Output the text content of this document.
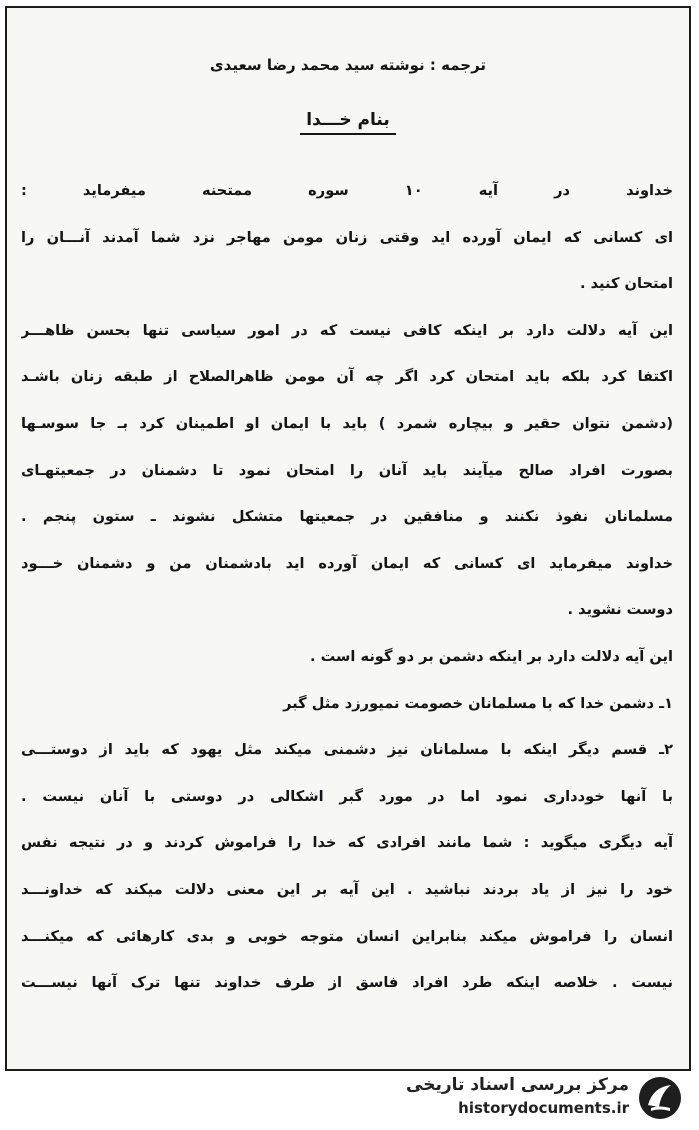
ترجمه : نوشته سید محمد رضا سعیدی
بنام خـــدا
خداوند در آیه ۱۰ سوره ممتحنه میفرماید :
ای کسانی که ایمان آورده اید وقتی زنان مومن مهاجر نزد شما آمدند آنـــان را
امتحان کنید .
این آیه دلالت دارد بر اینکه کافی نیست که در امور سیاسی تنها بحسن ظاهـــر
اکتفا کرد بلکه باید امتحان کرد اگر چه آن مومن ظاهرالصلاح از طبقه زنان باشـد
(دشمن نتوان حقیر و بیچاره شمرد ) باید با ایمان او اطمینان کرد بـ جا سوسـها
بصورت افراد صالح میآیند باید آنان را امتحان نمود تا دشمنان در جمعیتهـای
مسلمانان نفوذ نکنند و منافقین در جمعیتها متشکل نشوند ـ ستون پنجم .
خداوند میفرماید ای کسانی که ایمان آورده اید بادشمنان من و دشمنان خـــود
دوست نشوید .
این آیه دلالت دارد بر اینکه دشمن بر دو گونه است .
۱ـ دشمن خدا که با مسلمانان خصومت نمیورزد مثل گبر
۲ـ قسم دیگر اینکه با مسلمانان نیز دشمنی میکند مثل یهود که باید از دوستـــی
با آنها خودداری نمود اما در مورد گبر اشکالی در دوستی با آنان نیست .
آیه دیگری میگوید : شما مانند افرادی که خدا را فراموش کردند و در نتیجه نفس
خود را نیز از یاد بردند نباشید . این آیه بر این معنی دلالت میکند که خداونـــد
انسان را فراموش میکند بنابراین انسان متوجه خوبی و بدی کارهائی که میکنـــد
نیست . خلاصه اینکه طرد افراد فاسق از طرف خداوند تنها ترک آنها نیســـت
مرکز بررسی اسناد تاریخی
historydocuments.ir
